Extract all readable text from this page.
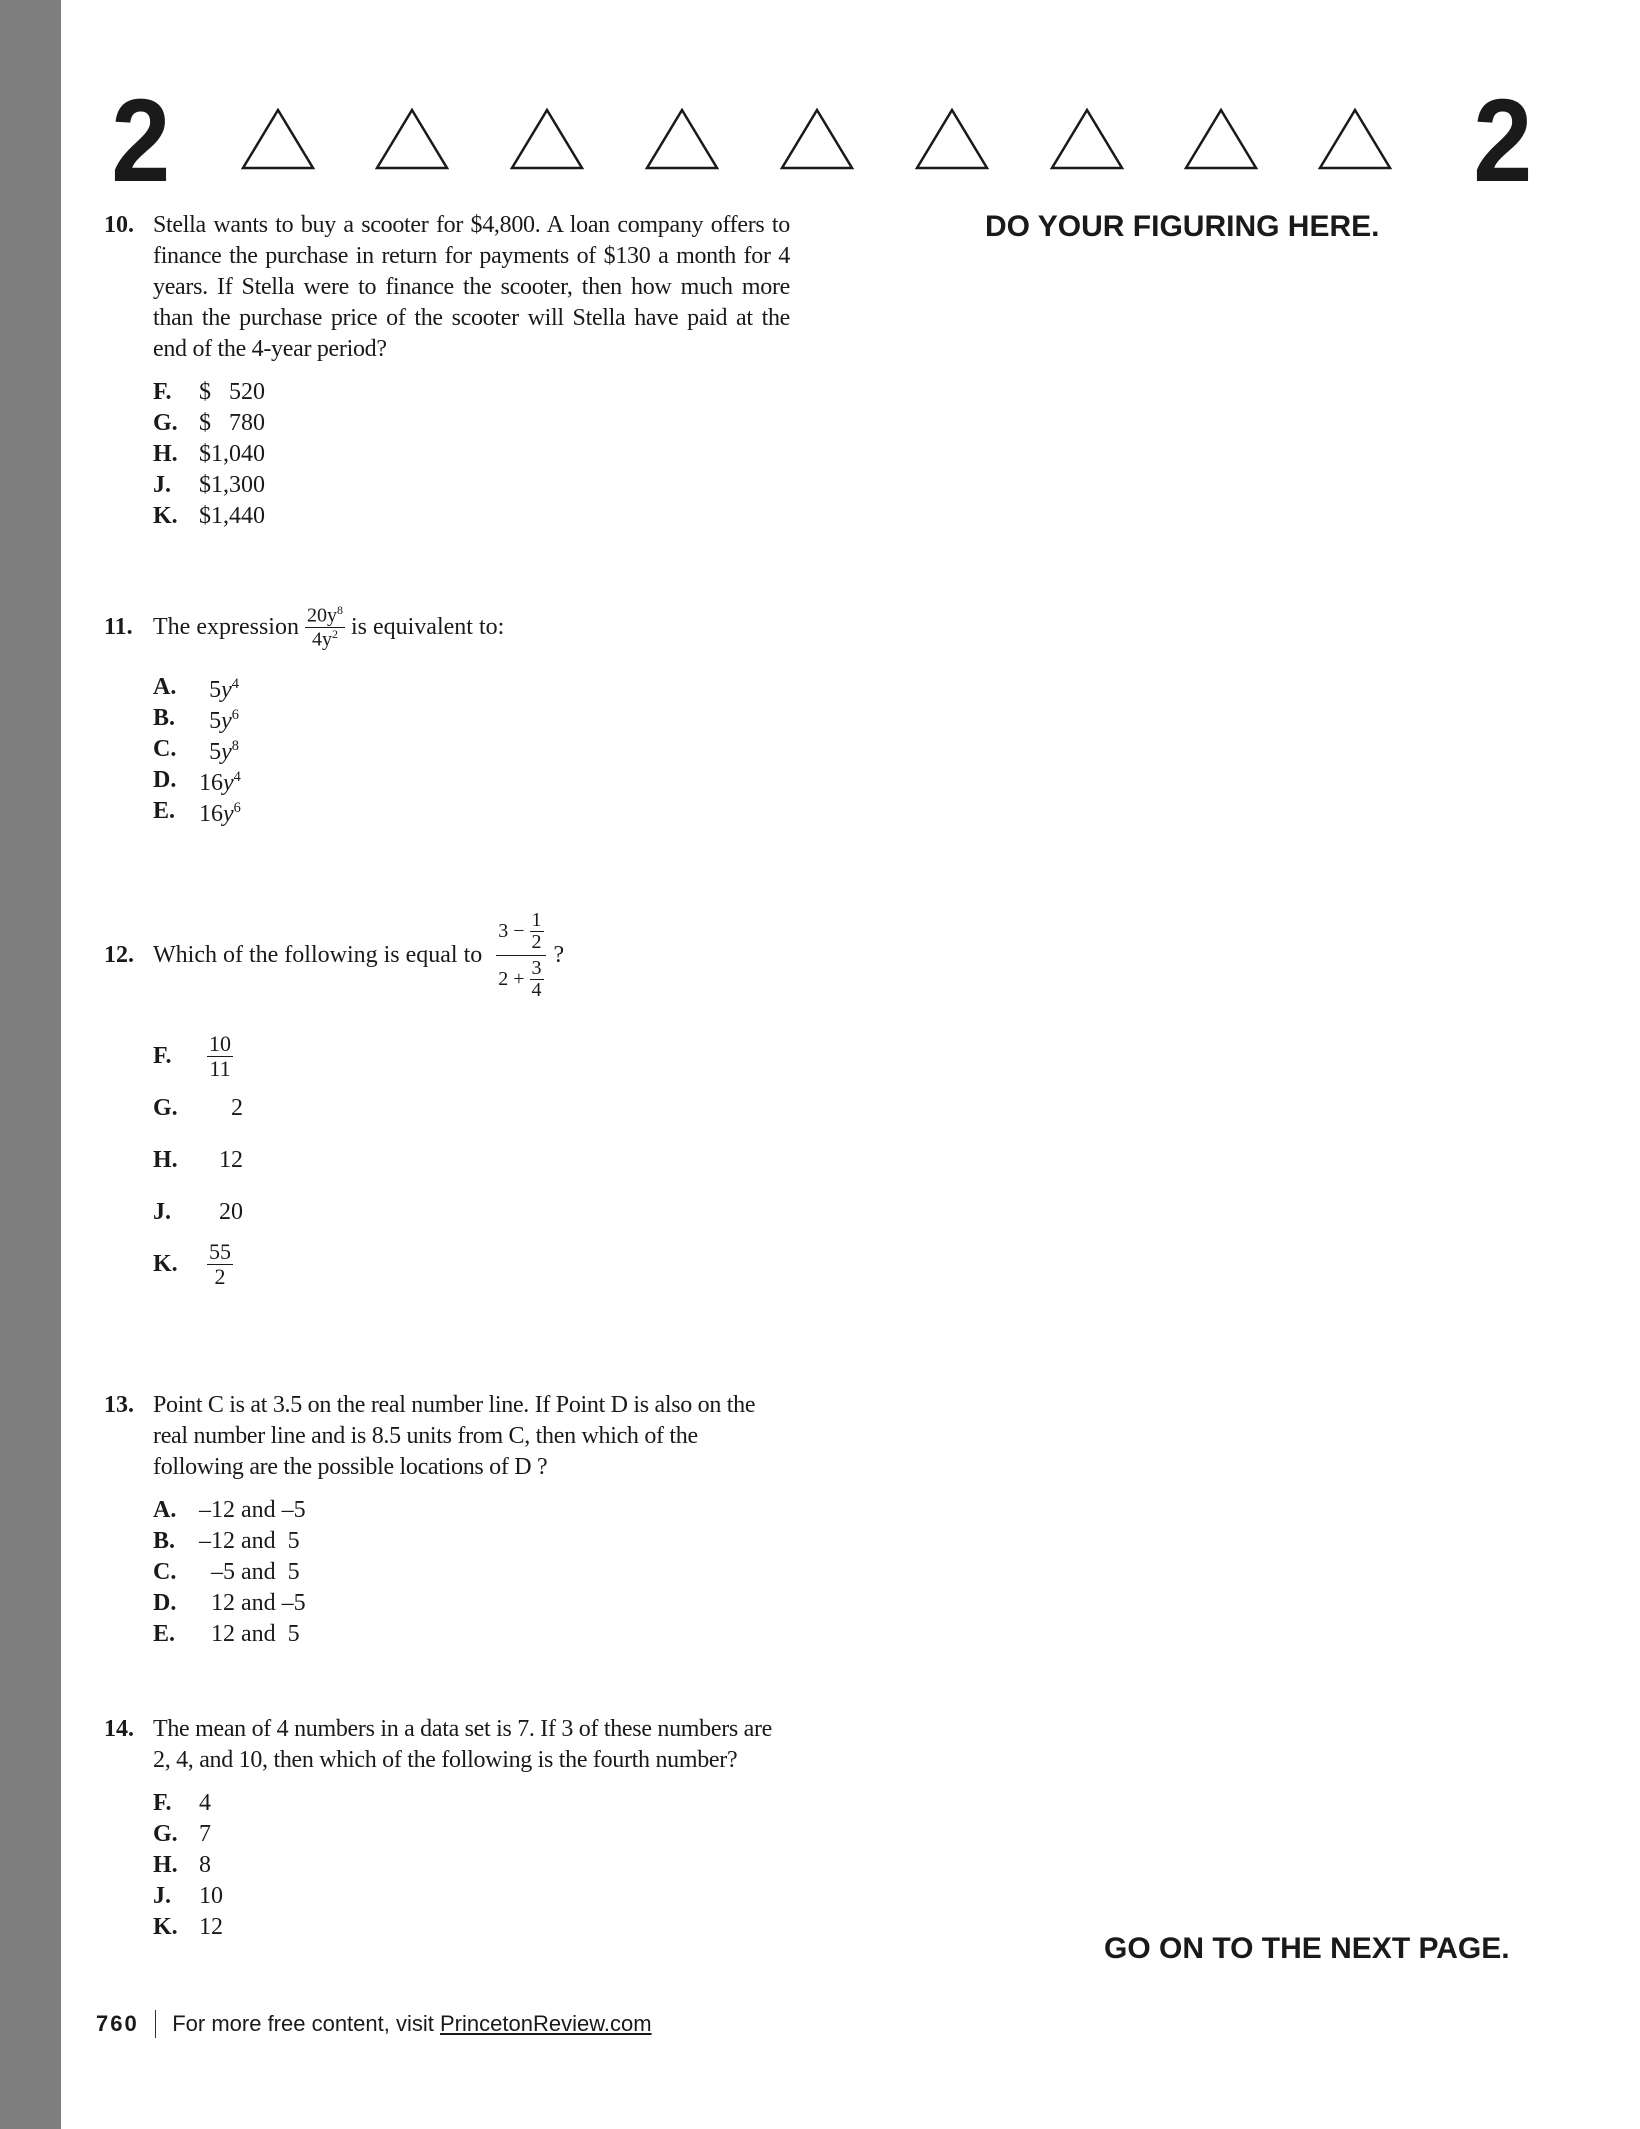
2	2
DO YOUR FIGURING HERE.
GO ON TO THE NEXT PAGE.
10. Stella wants to buy a scooter for $4,800. A loan company offers to finance the purchase in return for payments of $130 a month for 4 years. If Stella were to finance the scooter, then how much more than the purchase price of the scooter will Stella have paid at the end of the 4-year period?
F.	$   520
G. $   780
H. $1,040
J.	$1,300
K. $1,440
11. The expression $\frac{20y^8}{4y^2}$ is equivalent to:
A.	$5y^4$
B.	$5y^6$
C.	$5y^8$
D. $16y^4$
E. $16y^6$
12. Which of the following is equal to 3 −
$\frac{1}{2}$
2 +
$\frac{3}{4}$ ?
F.	$\frac{10}{11}$
G.	2
H.	12
J.	20
K.	$\frac{55}{2}$
13. Point C is at 3.5 on the real number line. If Point D is also on the real number line and is 8.5 units from C, then which of the following are the possible locations of D ?
A. –12 and –5
B. –12 and  5
C. –5 and  5
D. 12 and –5
E. 12 and  5
14. The mean of 4 numbers in a data set is 7. If 3 of these numbers are 2, 4, and 10, then which of the following is the fourth number?
F.	4
G. 7
H. 8
J.	10
K. 12
760 For more free content, visit
PrincetonReview.com
